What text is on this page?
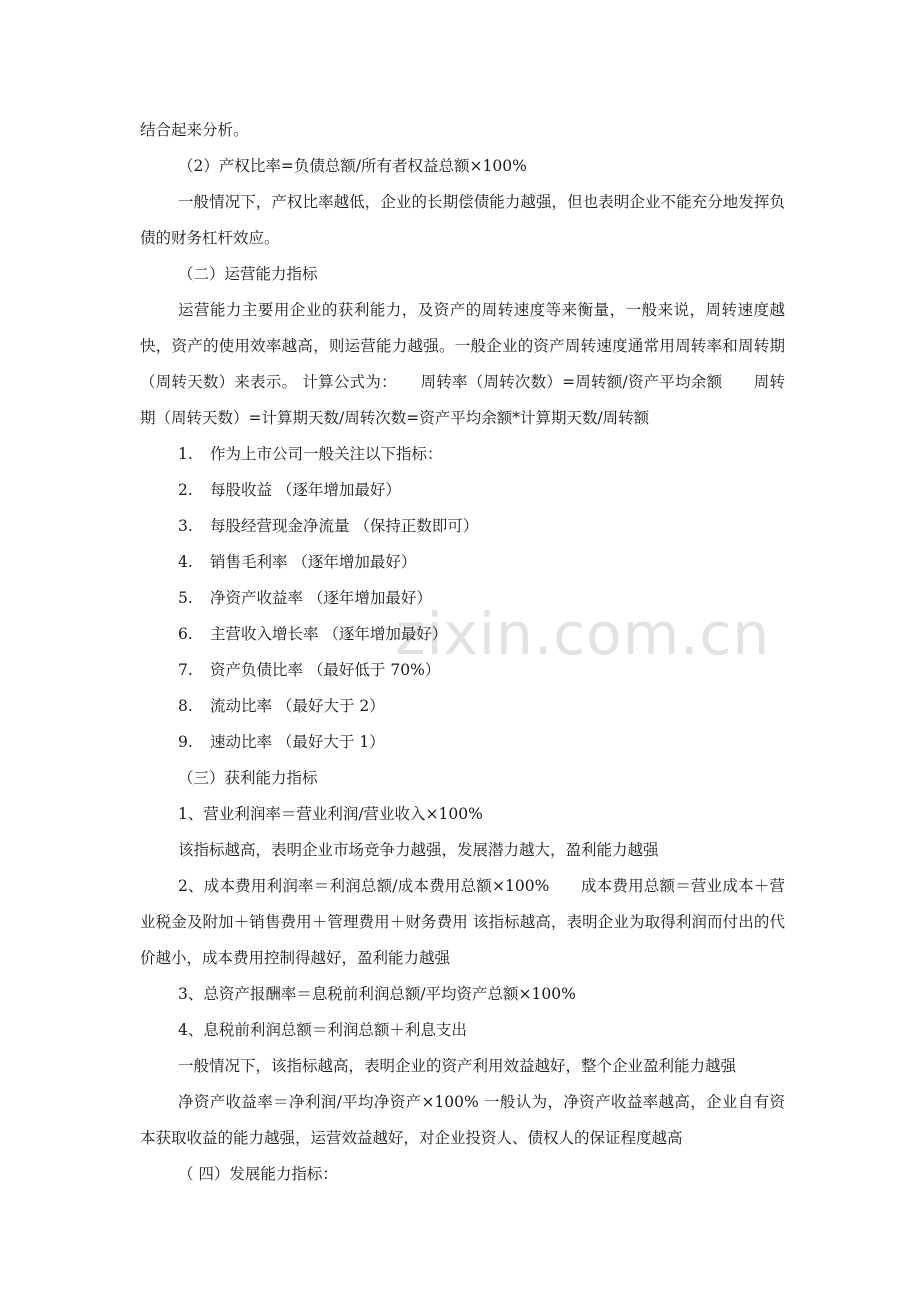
zixin.com.cn

结合起来分析。

（2）产权比率=负债总额/所有者权益总额×100%

一般情况下，产权比率越低，企业的长期偿债能力越强，但也表明企业不能充分地发挥负债的财务杠杆效应。

（二）运营能力指标

运营能力主要用企业的获利能力，及资产的周转速度等来衡量，一般来说，周转速度越快，资产的使用效率越高，则运营能力越强。一般企业的资产周转速度通常用周转率和周转期（周转天数）来表示。 计算公式为：　　周转率（周转次数）=周转额/资产平均余额　　周转期（周转天数）=计算期天数/周转次数=资产平均余额*计算期天数/周转额

1. 作为上市公司一般关注以下指标：

2. 每股收益 （逐年增加最好）

3. 每股经营现金净流量 （保持正数即可）

4. 销售毛利率 （逐年增加最好）

5. 净资产收益率 （逐年增加最好）

6. 主营收入增长率 （逐年增加最好）

7. 资产负债比率 （最好低于 70%）

8. 流动比率 （最好大于 2）

9. 速动比率 （最好大于 1）

（三）获利能力指标

1、营业利润率＝营业利润/营业收入×100%

该指标越高，表明企业市场竞争力越强，发展潜力越大，盈利能力越强

2、成本费用利润率＝利润总额/成本费用总额×100%　　成本费用总额＝营业成本＋营业税金及附加＋销售费用＋管理费用＋财务费用 该指标越高，表明企业为取得利润而付出的代价越小，成本费用控制得越好，盈利能力越强

3、总资产报酬率＝息税前利润总额/平均资产总额×100%

4、息税前利润总额＝利润总额＋利息支出

一般情况下，该指标越高，表明企业的资产利用效益越好，整个企业盈利能力越强

净资产收益率＝净利润/平均净资产×100% 一般认为，净资产收益率越高，企业自有资本获取收益的能力越强，运营效益越好，对企业投资人、债权人的保证程度越高

（ 四）发展能力指标：
